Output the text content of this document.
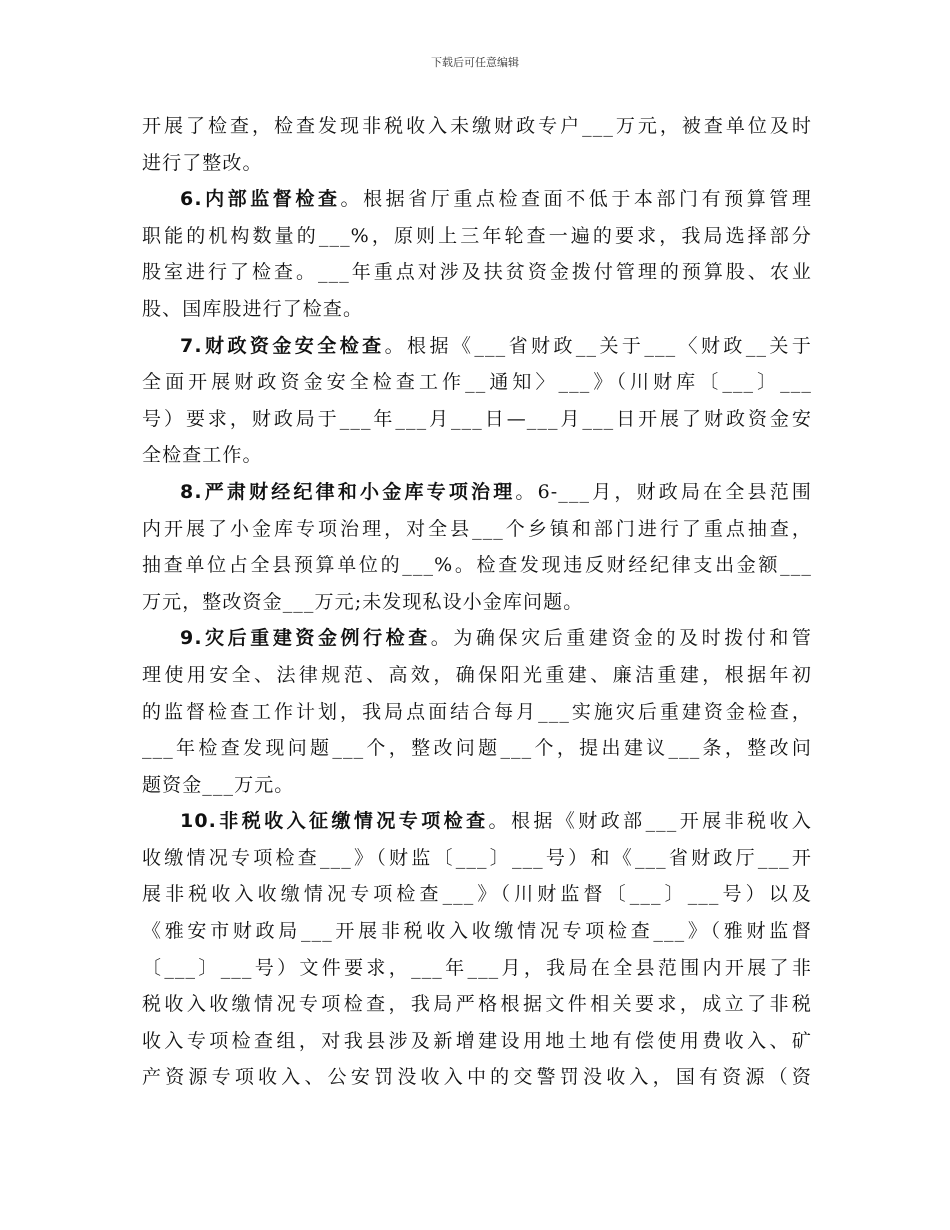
下载后可任意编辑
开展了检查，检查发现非税收入未缴财政专户___万元，被查单位及时
进行了整改。
6.内部监督检查。根据省厅重点检查面不低于本部门有预算管理
职能的机构数量的___%，原则上三年轮查一遍的要求，我局选择部分
股室进行了检查。___年重点对涉及扶贫资金拨付管理的预算股、农业
股、国库股进行了检查。
7.财政资金安全检查。根据《___省财政__关于___〈财政__关于
全面开展财政资金安全检查工作__通知〉___》（川财库〔___〕___
号）要求，财政局于___年___月___日—___月___日开展了财政资金安
全检查工作。
8.严肃财经纪律和小金库专项治理。6-___月，财政局在全县范围
内开展了小金库专项治理，对全县___个乡镇和部门进行了重点抽查，
抽查单位占全县预算单位的___%。检查发现违反财经纪律支出金额___
万元，整改资金___万元;未发现私设小金库问题。
9.灾后重建资金例行检查。为确保灾后重建资金的及时拨付和管
理使用安全、法律规范、高效，确保阳光重建、廉洁重建，根据年初
的监督检查工作计划，我局点面结合每月___实施灾后重建资金检查，
___年检查发现问题___个，整改问题___个，提出建议___条，整改问
题资金___万元。
10.非税收入征缴情况专项检查。根据《财政部___开展非税收入
收缴情况专项检查___》（财监〔___〕___号）和《___省财政厅___开
展非税收入收缴情况专项检查___》（川财监督〔___〕___号）以及
《雅安市财政局___开展非税收入收缴情况专项检查___》（雅财监督
〔___〕___号）文件要求，___年___月，我局在全县范围内开展了非
税收入收缴情况专项检查，我局严格根据文件相关要求，成立了非税
收入专项检查组，对我县涉及新增建设用地土地有偿使用费收入、矿
产资源专项收入、公安罚没收入中的交警罚没收入，国有资源（资
